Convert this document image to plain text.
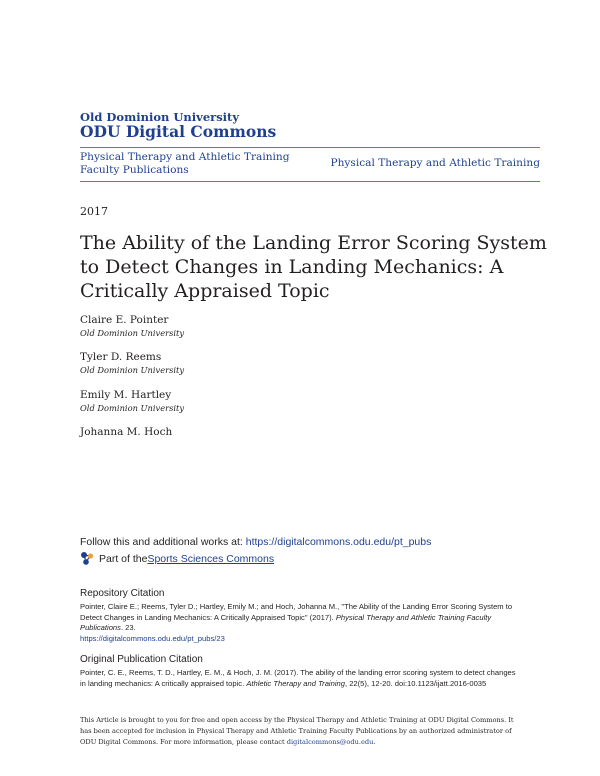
Old Dominion University
ODU Digital Commons
Physical Therapy and Athletic Training Faculty Publications
Physical Therapy and Athletic Training
2017
The Ability of the Landing Error Scoring System to Detect Changes in Landing Mechanics: A Critically Appraised Topic
Claire E. Pointer
Old Dominion University
Tyler D. Reems
Old Dominion University
Emily M. Hartley
Old Dominion University
Johanna M. Hoch
Follow this and additional works at: https://digitalcommons.odu.edu/pt_pubs
Part of the Sports Sciences Commons
Repository Citation
Pointer, Claire E.; Reems, Tyler D.; Hartley, Emily M.; and Hoch, Johanna M., "The Ability of the Landing Error Scoring System to Detect Changes in Landing Mechanics: A Critically Appraised Topic" (2017). Physical Therapy and Athletic Training Faculty Publications. 23.
https://digitalcommons.odu.edu/pt_pubs/23
Original Publication Citation
Pointer, C. E., Reems, T. D., Hartley, E. M., & Hoch, J. M. (2017). The ability of the landing error scoring system to detect changes in landing mechanics: A critically appraised topic. Athletic Therapy and Training, 22(5), 12-20. doi:10.1123/ijatt.2016-0035
This Article is brought to you for free and open access by the Physical Therapy and Athletic Training at ODU Digital Commons. It has been accepted for inclusion in Physical Therapy and Athletic Training Faculty Publications by an authorized administrator of ODU Digital Commons. For more information, please contact digitalcommons@odu.edu.
